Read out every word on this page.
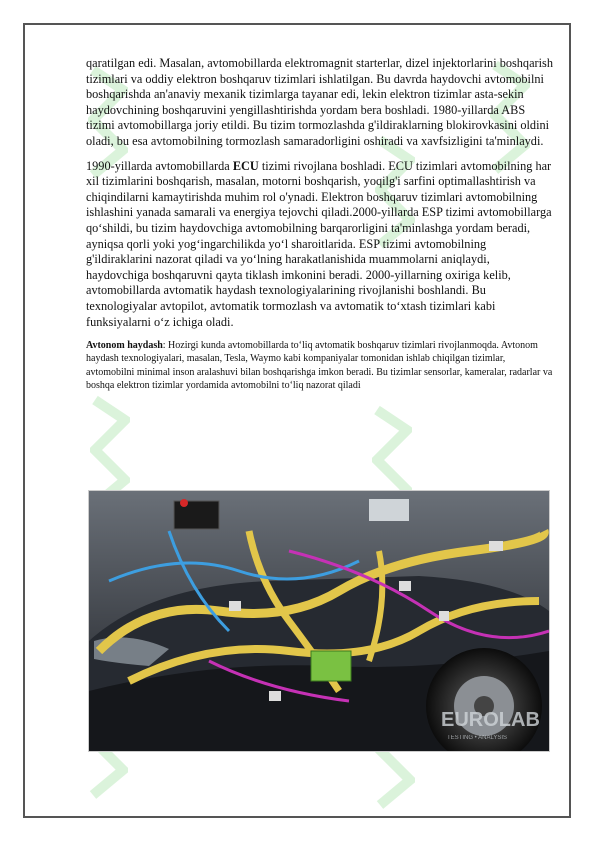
qaratilgan edi. Masalan, avtomobillarda elektromagnit starterlar, dizel injektorlarini boshqarish tizimlari va oddiy elektron boshqaruv tizimlari ishlatilgan. Bu davrda haydovchi avtomobilni boshqarishda an'anaviy mexanik tizimlarga tayanar edi, lekin elektron tizimlar asta-sekin haydovchining boshqaruvini yengillashtirishda yordam bera boshladi. 1980-yillarda ABS tizimi avtomobillarga joriy etildi. Bu tizim tormozlashda g'ildiraklarning blokirovkasini oldini oladi, bu esa avtomobilning tormozlash samaradorligini oshiradi va xavfsizligini ta'minlaydi.

1990-yillarda avtomobillarda ECU tizimi rivojlana boshladi. ECU tizimlari avtomobilning har xil tizimlarini boshqarish, masalan, motorni boshqarish, yoqilg'i sarfini optimallashtirish va chiqindilarni kamaytirishda muhim rol o'ynadi. Elektron boshqaruv tizimlari avtomobilning ishlashini yanada samarali va energiya tejovchi qiladi.2000-yillarda ESP tizimi avtomobillarga qo‘shildi, bu tizim haydovchiga avtomobilning barqarorligini ta'minlashga yordam beradi, ayniqsa qorli yoki yog‘ingarchilikda yo‘l sharoitlarida. ESP tizimi avtomobilning g'ildiraklarini nazorat qiladi va yo‘lning harakatlanishida muammolarni aniqlaydi, haydovchiga boshqaruvni qayta tiklash imkonini beradi. 2000-yillarning oxiriga kelib, avtomobillarda avtomatik haydash texnologiyalarining rivojlanishi boshlandi. Bu texnologiyalar avtopilot, avtomatik tormozlash va avtomatik to‘xtash tizimlari kabi funksiyalarni o‘z ichiga oladi.

Avtonom haydash: Hozirgi kunda avtomobillarda to‘liq avtomatik boshqaruv tizimlari rivojlanmoqda. Avtonom haydash texnologiyalari, masalan, Tesla, Waymo kabi kompaniyalar tomonidan ishlab chiqilgan tizimlar, avtomobilni minimal inson aralashuvi bilan boshqarishga imkon beradi. Bu tizimlar sensorlar, kameralar, radarlar va boshqa elektron tizimlar yordamida avtomobilni to‘liq nazorat qiladi

EUROLAB
TESTING • ANALYSIS
